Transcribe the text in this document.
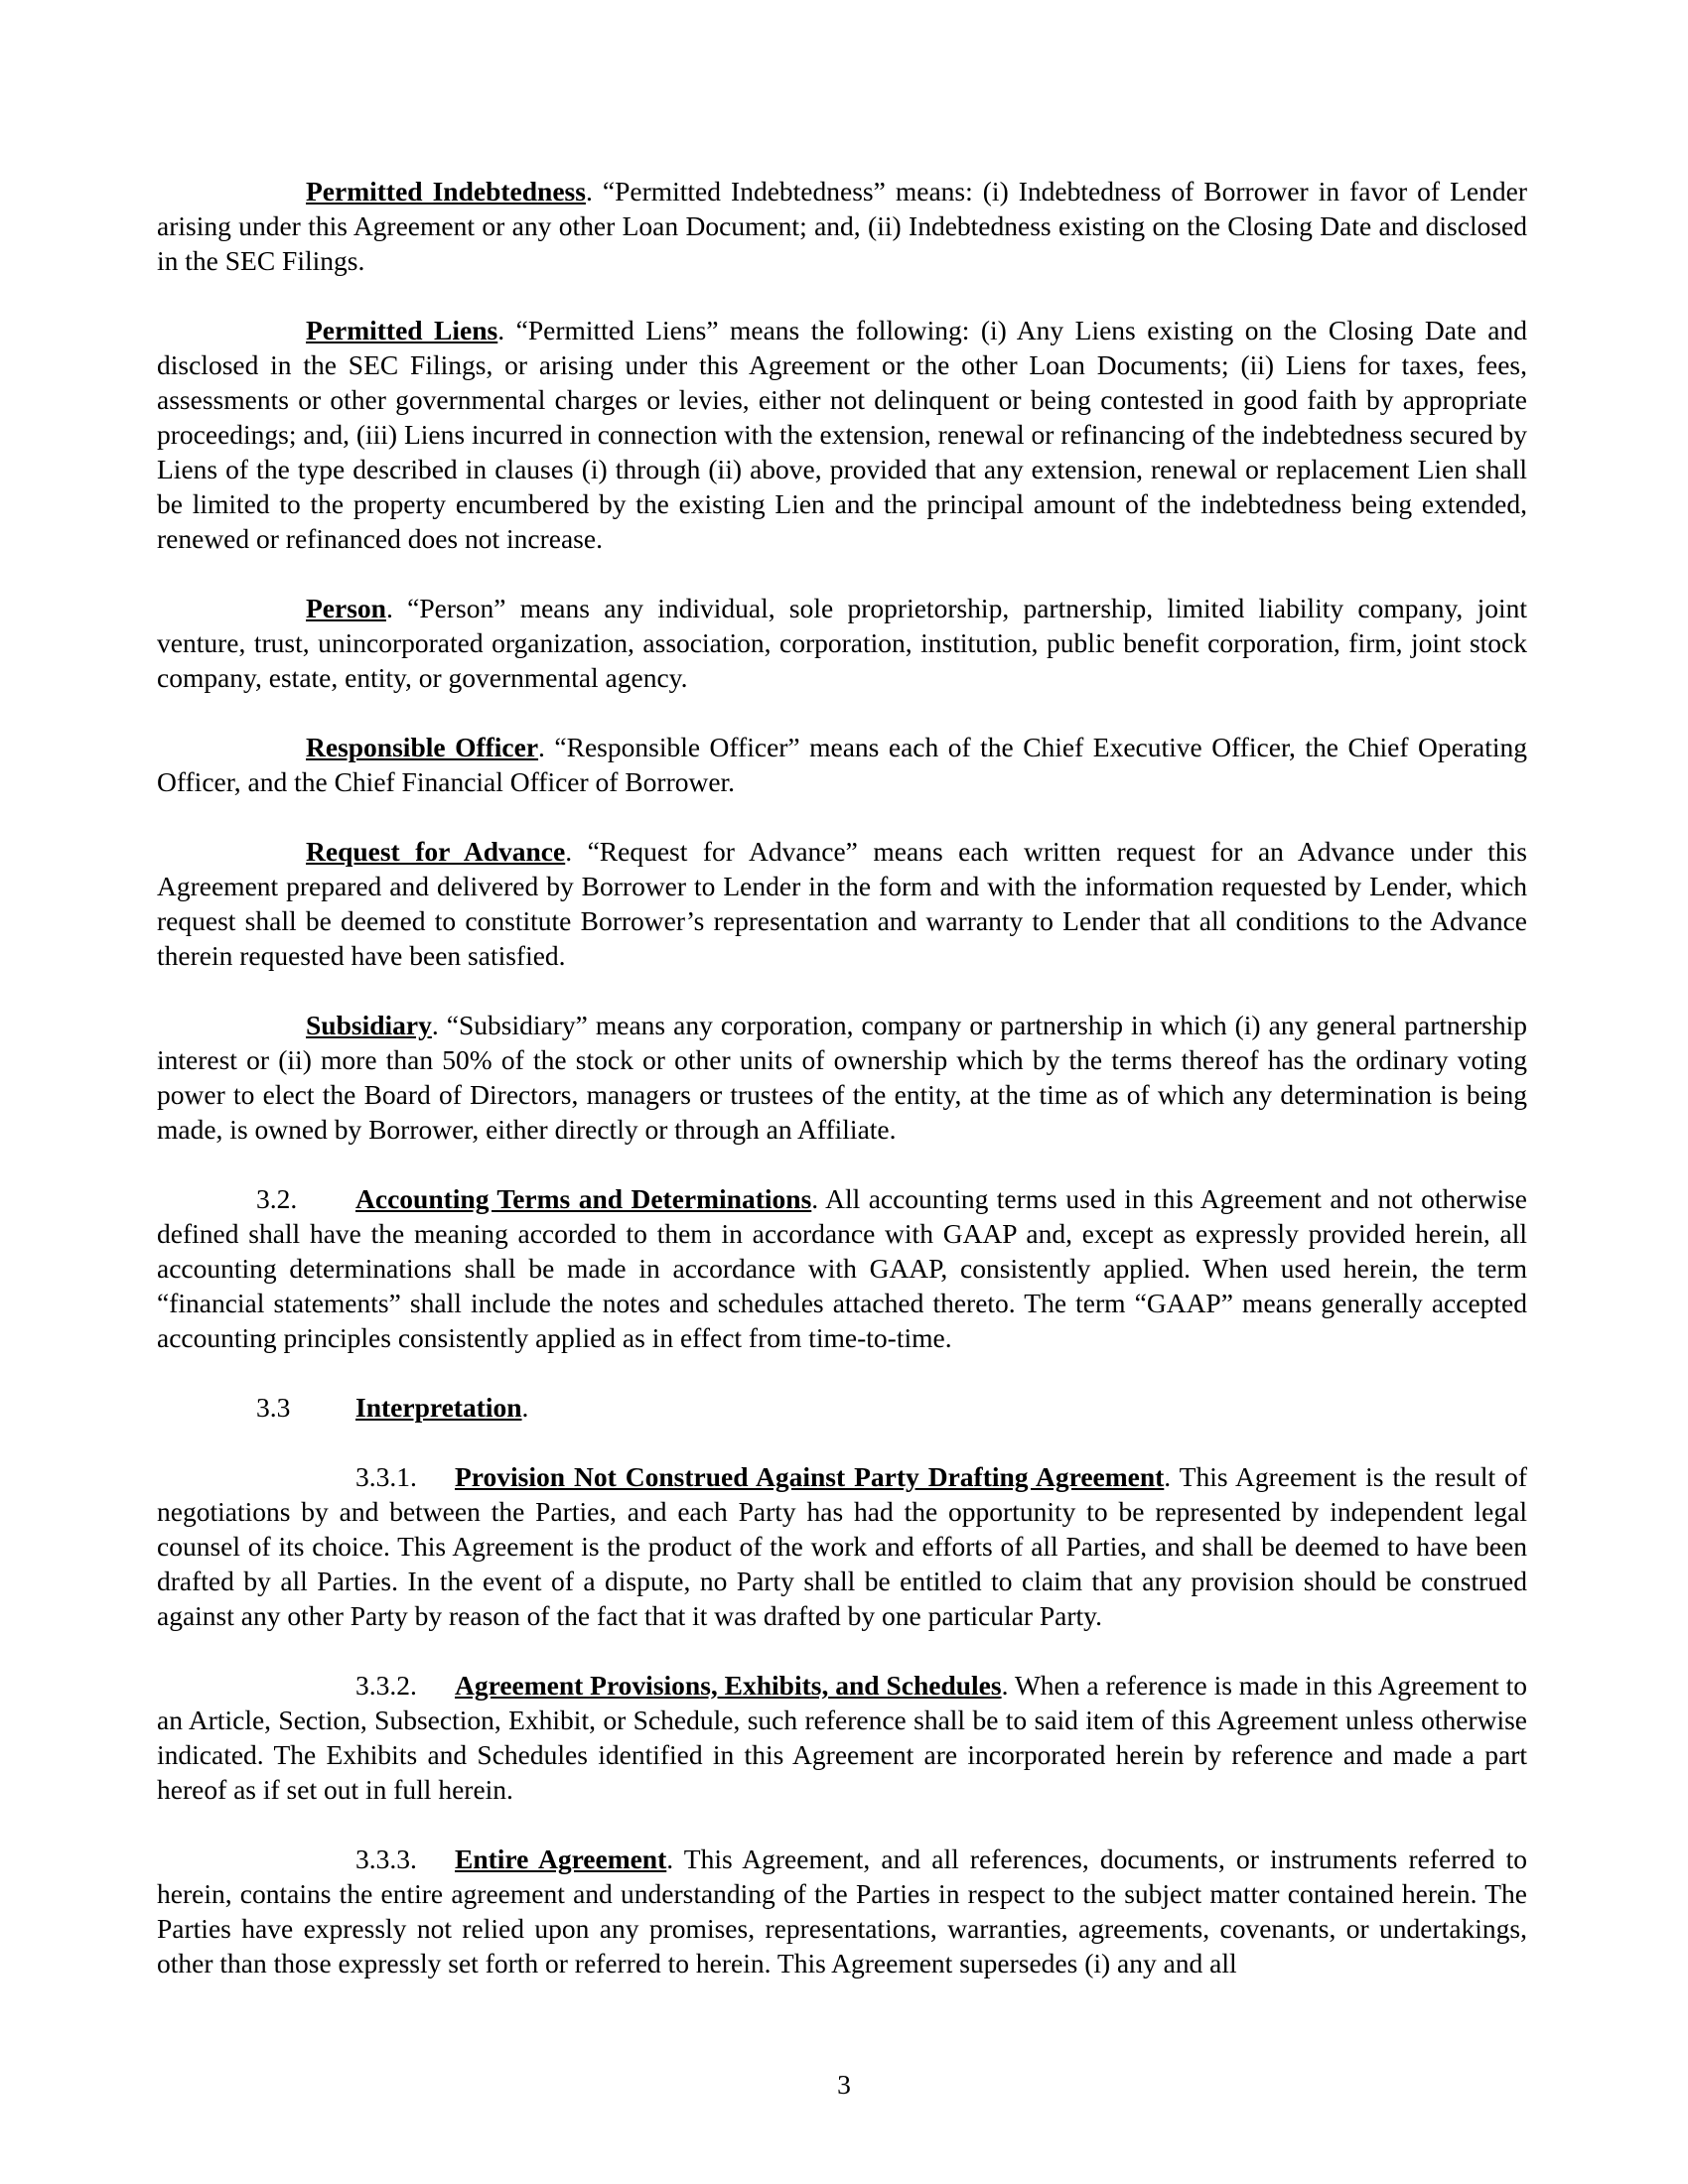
Permitted Indebtedness. “Permitted Indebtedness” means: (i) Indebtedness of Borrower in favor of Lender arising under this Agreement or any other Loan Document; and, (ii) Indebtedness existing on the Closing Date and disclosed in the SEC Filings.

Permitted Liens. “Permitted Liens” means the following: (i) Any Liens existing on the Closing Date and disclosed in the SEC Filings, or arising under this Agreement or the other Loan Documents; (ii) Liens for taxes, fees, assessments or other governmental charges or levies, either not delinquent or being contested in good faith by appropriate proceedings; and, (iii) Liens incurred in connection with the extension, renewal or refinancing of the indebtedness secured by Liens of the type described in clauses (i) through (ii) above, provided that any extension, renewal or replacement Lien shall be limited to the property encumbered by the existing Lien and the principal amount of the indebtedness being extended, renewed or refinanced does not increase.

Person. “Person” means any individual, sole proprietorship, partnership, limited liability company, joint venture, trust, unincorporated organization, association, corporation, institution, public benefit corporation, firm, joint stock company, estate, entity, or governmental agency.

Responsible Officer. “Responsible Officer” means each of the Chief Executive Officer, the Chief Operating Officer, and the Chief Financial Officer of Borrower.

Request for Advance. “Request for Advance” means each written request for an Advance under this Agreement prepared and delivered by Borrower to Lender in the form and with the information requested by Lender, which request shall be deemed to constitute Borrower’s representation and warranty to Lender that all conditions to the Advance therein requested have been satisfied.

Subsidiary. “Subsidiary” means any corporation, company or partnership in which (i) any general partnership interest or (ii) more than 50% of the stock or other units of ownership which by the terms thereof has the ordinary voting power to elect the Board of Directors, managers or trustees of the entity, at the time as of which any determination is being made, is owned by Borrower, either directly or through an Affiliate.

3.2. Accounting Terms and Determinations. All accounting terms used in this Agreement and not otherwise defined shall have the meaning accorded to them in accordance with GAAP and, except as expressly provided herein, all accounting determinations shall be made in accordance with GAAP, consistently applied. When used herein, the term “financial statements” shall include the notes and schedules attached thereto. The term “GAAP” means generally accepted accounting principles consistently applied as in effect from time-to-time.

3.3 Interpretation.

3.3.1. Provision Not Construed Against Party Drafting Agreement. This Agreement is the result of negotiations by and between the Parties, and each Party has had the opportunity to be represented by independent legal counsel of its choice. This Agreement is the product of the work and efforts of all Parties, and shall be deemed to have been drafted by all Parties. In the event of a dispute, no Party shall be entitled to claim that any provision should be construed against any other Party by reason of the fact that it was drafted by one particular Party.

3.3.2. Agreement Provisions, Exhibits, and Schedules. When a reference is made in this Agreement to an Article, Section, Subsection, Exhibit, or Schedule, such reference shall be to said item of this Agreement unless otherwise indicated. The Exhibits and Schedules identified in this Agreement are incorporated herein by reference and made a part hereof as if set out in full herein.

3.3.3. Entire Agreement. This Agreement, and all references, documents, or instruments referred to herein, contains the entire agreement and understanding of the Parties in respect to the subject matter contained herein. The Parties have expressly not relied upon any promises, representations, warranties, agreements, covenants, or undertakings, other than those expressly set forth or referred to herein. This Agreement supersedes (i) any and all

3
